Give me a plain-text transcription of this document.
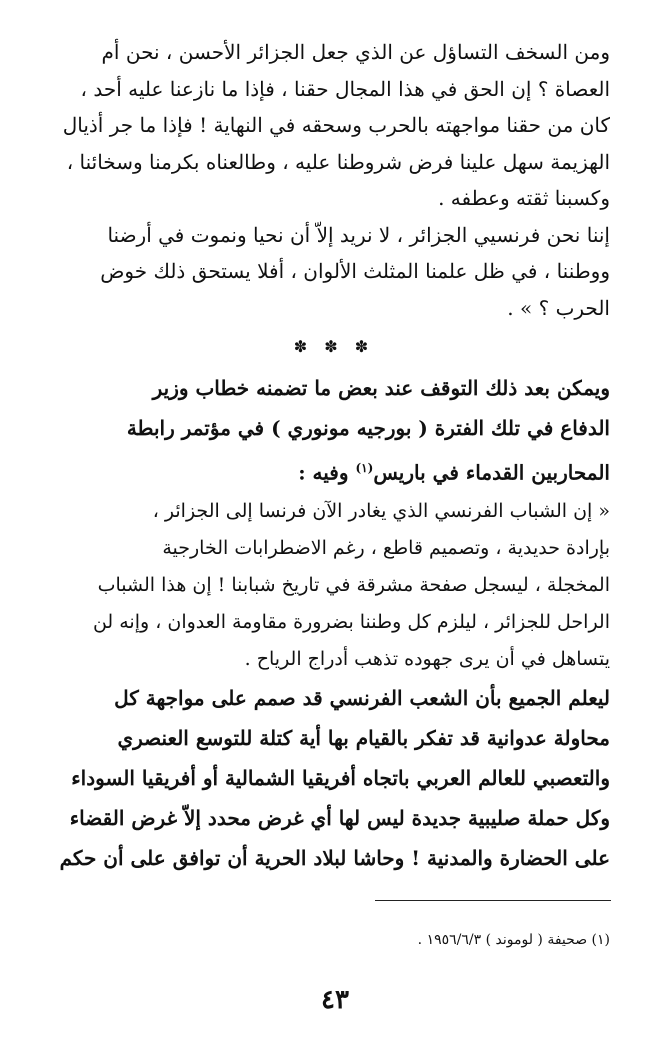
ومن السخف التساؤل عن الذي جعل الجزائر الأحسن ، نحن أم
العصاة ؟ إن الحق في هذا المجال حقنا ، فإذا ما نازعنا عليه أحد ،
كان من حقنا مواجهته بالحرب وسحقه في النهاية ! فإذا ما جر أذيال
الهزيمة سهل علينا فرض شروطنا عليه ، وطالعناه بكرمنا وسخائنا ،
وكسبنا ثقته وعطفه .
إننا نحن فرنسيي الجزائر ، لا نريد إلاّ أن نحيا ونموت في أرضنا
ووطننا ، في ظل علمنا المثلث الألوان ، أفلا يستحق ذلك خوض
الحرب ؟ » .
✽ ✽ ✽
ويمكن بعد ذلك التوقف عند بعض ما تضمنه خطاب وزير
الدفاع في تلك الفترة ( بورجيه مونوري ) في مؤتمر رابطة
المحاربين القدماء في باريس$^{(١)}$ وفيه :
« إن الشباب الفرنسي الذي يغادر الآن فرنسا إلى الجزائر ،
بإرادة حديدية ، وتصميم قاطع ، رغم الاضطرابات الخارجية
المخجلة ، ليسجل صفحة مشرقة في تاريخ شبابنا ! إن هذا الشباب
الراحل للجزائر ، ليلزم كل وطننا بضرورة مقاومة العدوان ، وإنه لن
يتساهل في أن يرى جهوده تذهب أدراج الرياح .
ليعلم الجميع بأن الشعب الفرنسي قد صمم على مواجهة كل
محاولة عدوانية قد تفكر بالقيام بها أية كتلة للتوسع العنصري
والتعصبي للعالم العربي باتجاه أفريقيا الشمالية أو أفريقيا السوداء
وكل حملة صليبية جديدة ليس لها أي غرض محدد إلاّ غرض القضاء
على الحضارة والمدنية ! وحاشا لبلاد الحرية أن توافق على أن حكم
(١) صحيفة ( لوموند ) ١٩٥٦/٦/٣ .
٤٣
